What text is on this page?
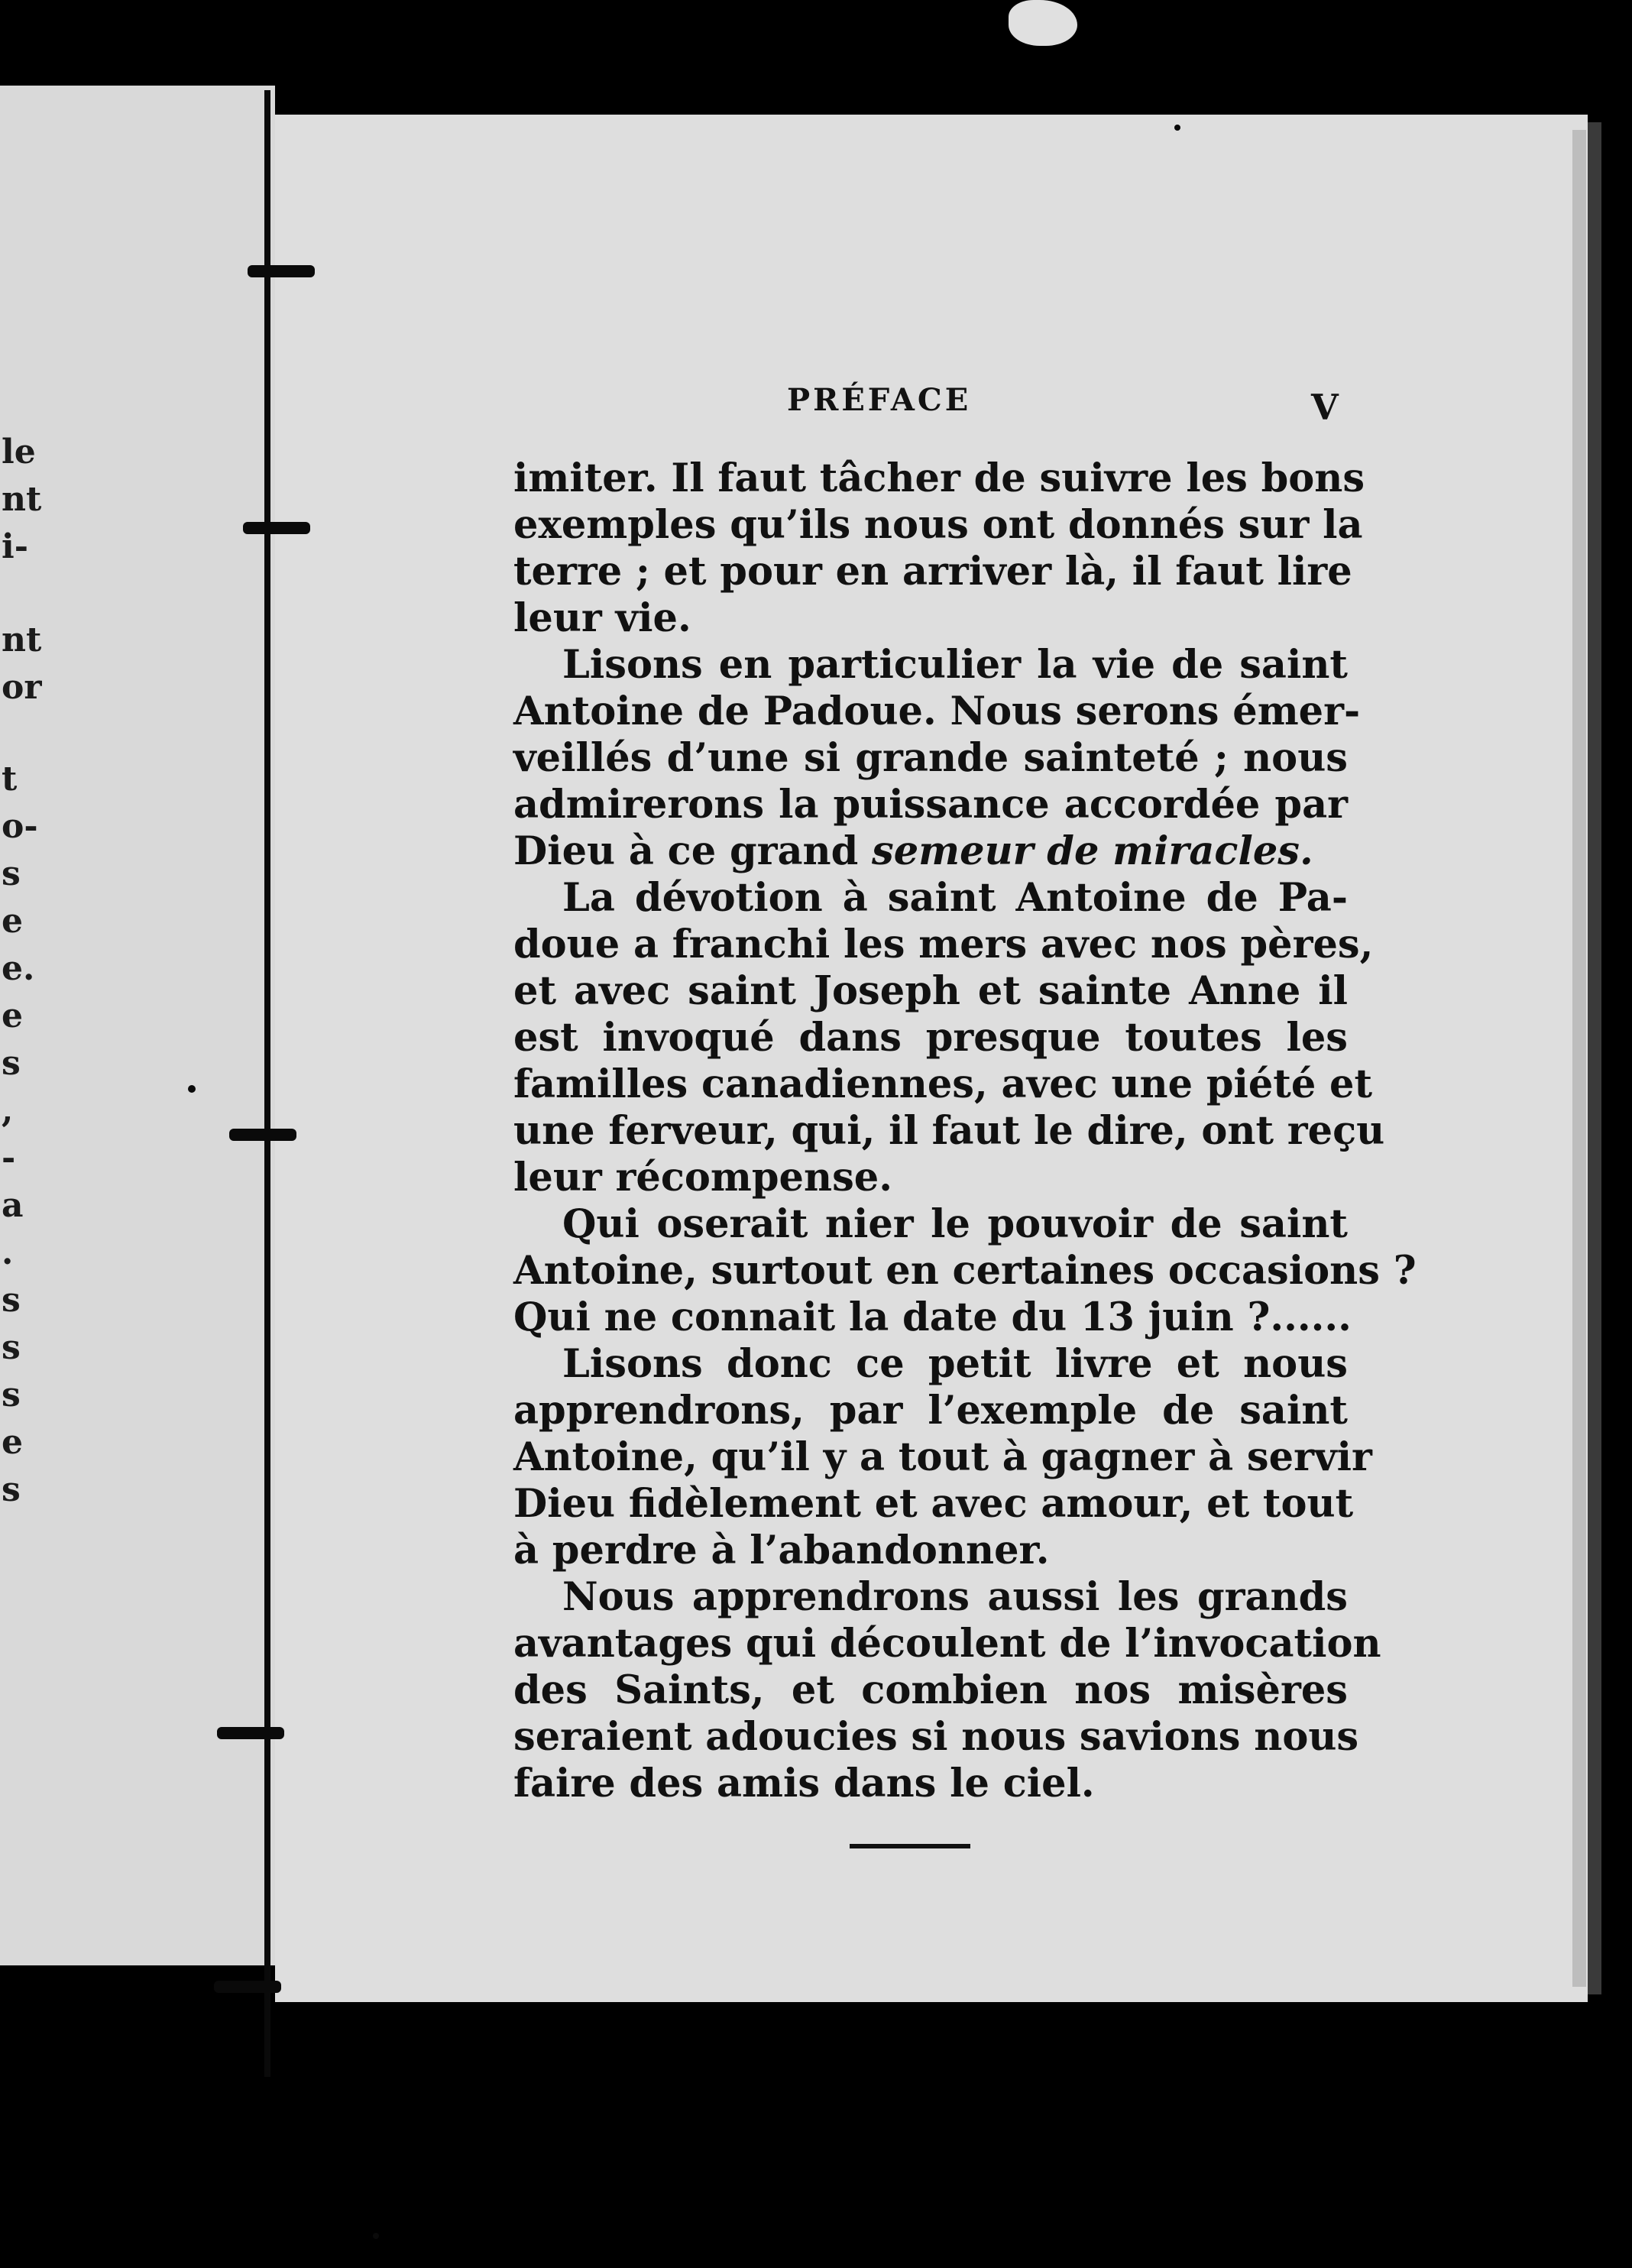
le
nt
i-
nt
or
t
o-
s
e
e.
e
s
,
-
a
.
s
s
s
e
s
PRÉFACE	V
imiter. Il faut tâcher de suivre les bons
exemples qu’ils nous ont donnés sur la
terre ; et pour en arriver là, il faut lire
leur vie.
Lisons en particulier la vie de saint
Antoine de Padoue. Nous serons émer-
veillés d’une si grande sainteté ; nous
admirerons la puissance accordée par
Dieu à ce grand semeur de miracles.
La dévotion à saint Antoine de Pa-
doue a franchi les mers avec nos pères,
et avec saint Joseph et sainte Anne il
est invoqué dans presque toutes les
familles canadiennes, avec une piété et
une ferveur, qui, il faut le dire, ont reçu
leur récompense.
Qui oserait nier le pouvoir de saint
Antoine, surtout en certaines occasions ?
Qui ne connait la date du 13 juin ?......
Lisons donc ce petit livre et nous
apprendrons, par l’exemple de saint
Antoine, qu’il y a tout à gagner à servir
Dieu fidèlement et avec amour, et tout
à perdre à l’abandonner.
Nous apprendrons aussi les grands
avantages qui découlent de l’invocation
des Saints, et combien nos misères
seraient adoucies si nous savions nous
faire des amis dans le ciel.
